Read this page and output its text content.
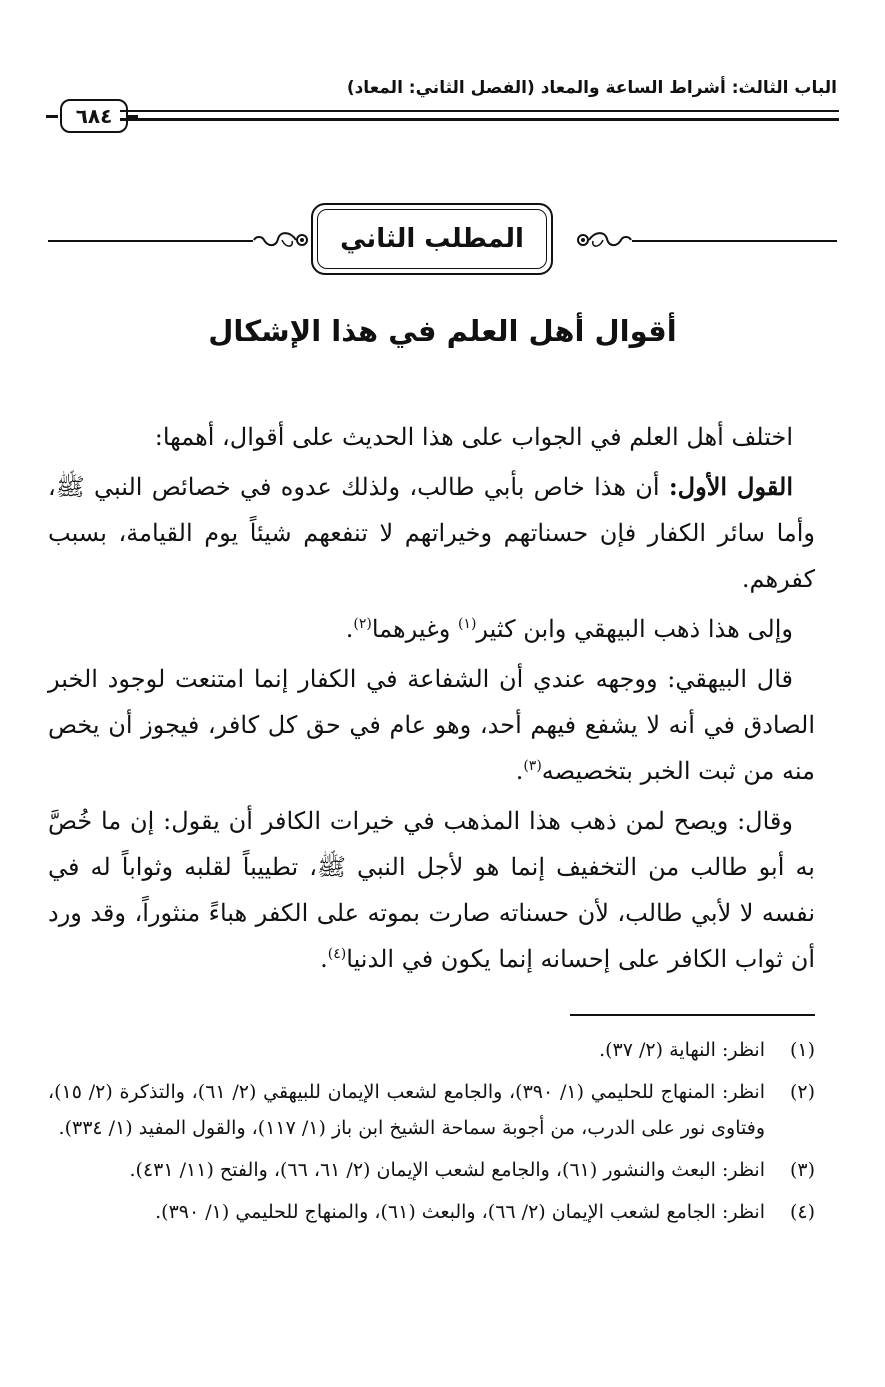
الباب الثالث: أشراط الساعة والمعاد (الفصل الثاني: المعاد)
٦٨٤
المطلب الثاني
أقوال أهل العلم في هذا الإشكال

اختلف أهل العلم في الجواب على هذا الحديث على أقوال، أهمها:

القول الأول: أن هذا خاص بأبي طالب، ولذلك عدوه في خصائص النبي ﷺ، وأما سائر الكفار فإن حسناتهم وخيراتهم لا تنفعهم شيئاً يوم القيامة، بسبب كفرهم.

وإلى هذا ذهب البيهقي وابن كثير$^{(١)}$ وغيرهما$^{(٢)}$.

قال البيهقي: ووجهه عندي أن الشفاعة في الكفار إنما امتنعت لوجود الخبر الصادق في أنه لا يشفع فيهم أحد، وهو عام في حق كل كافر، فيجوز أن يخص منه من ثبت الخبر بتخصيصه$^{(٣)}$.

وقال: ويصح لمن ذهب هذا المذهب في خيرات الكافر أن يقول: إن ما خُصَّ به أبو طالب من التخفيف إنما هو لأجل النبي ﷺ، تطييباً لقلبه وثواباً له في نفسه لا لأبي طالب، لأن حسناته صارت بموته على الكفر هباءً منثوراً، وقد ورد أن ثواب الكافر على إحسانه إنما يكون في الدنيا$^{(٤)}$.

(١)
انظر: النهاية (٢/ ٣٧).
(٢)
انظر: المنهاج للحليمي (١/ ٣٩٠)، والجامع لشعب الإيمان للبيهقي (٢/ ٦١)، والتذكرة (٢/ ١٥)، وفتاوى نور على الدرب، من أجوبة سماحة الشيخ ابن باز (١/ ١١٧)، والقول المفيد (١/ ٣٣٤).
(٣)
انظر: البعث والنشور (٦١)، والجامع لشعب الإيمان (٢/ ٦١، ٦٦)، والفتح (١١/ ٤٣١).
(٤)
انظر: الجامع لشعب الإيمان (٢/ ٦٦)، والبعث (٦١)، والمنهاج للحليمي (١/ ٣٩٠).
